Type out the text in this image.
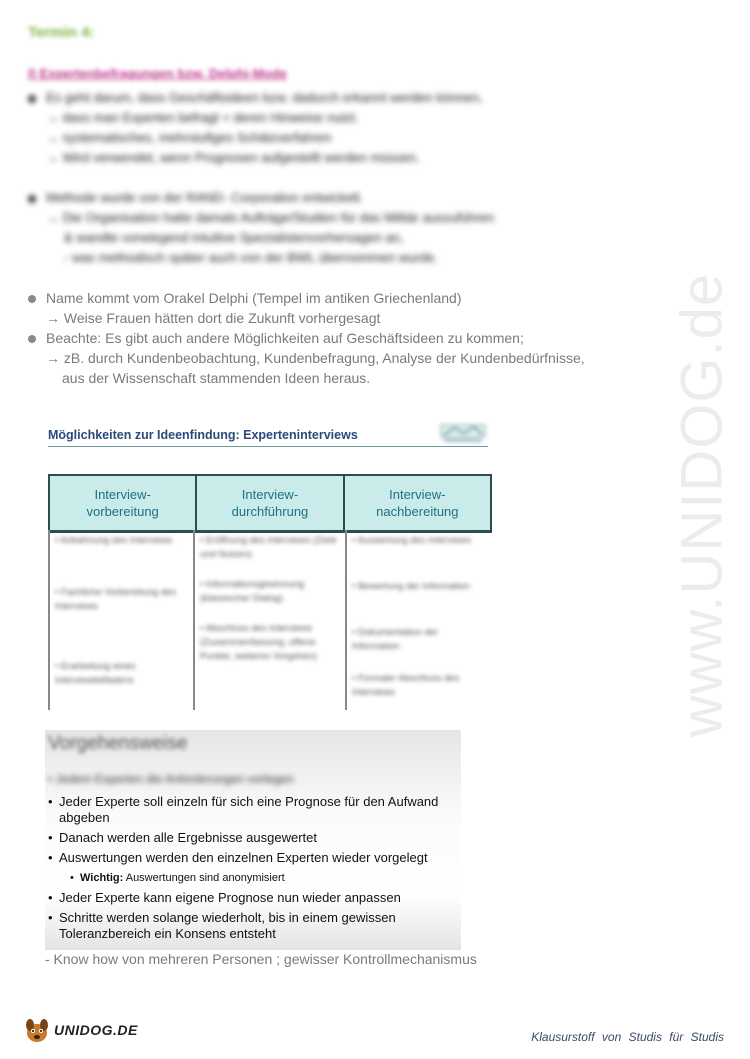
Termin 4:
I) Expertenbefragungen bzw. Delphi-Mode
Es geht darum, dass Geschäftsideen bzw. dadurch erkannt werden können,
→ dass man Experten befragt + deren Hinweise nutzt.
→ systematisches, mehrstufiges Schätzverfahren
→ Wird verwendet, wenn Prognosen aufgestellt werden müssen.
Methode wurde von der RAND- Corporation entwickelt.
→ Die Organisation hatte damals Aufträge/Studien für das Militär auszuführen
& wandte vorwiegend intuitive Spezialistenvorhersagen an,
- was methodisch später auch von der BWL übernommen wurde.
Name kommt vom Orakel Delphi (Tempel im antiken Griechenland)
→ Weise Frauen hätten dort die Zukunft vorhergesagt
Beachte: Es gibt auch andere Möglichkeiten auf Geschäftsideen zu kommen;
→ zB. durch Kundenbeobachtung, Kundenbefragung, Analyse der Kundenbedürfnisse,
aus der Wissenschaft stammenden Ideen heraus.	www.UNIDOG.de
Möglichkeiten zur Ideenfindung: Experteninterviews
Interview-
vorbereitung
Interview-
durchführung
Interview-
nachbereitung
• Anbahnung des Interviews
• Fachliche Vorbereitung des Interviews
• Erarbeitung eines Interviewleitfadens
• Eröffnung des Interviews (Ziele und Nutzen)
• Informationsgewinnung (klassischer Dialog)
• Abschluss des Interviews (Zusammenfassung, offene Punkte, weiteres Vorgehen)
• Auswertung des Interviews
• Bewertung der Information
• Dokumentation der Information
• Formaler Abschluss des Interviews
Vorgehensweise
• Jedem Experten die Anforderungen vorlegen
• Jeder Experte soll einzeln für sich eine Prognose für den Aufwand abgeben
• Danach werden alle Ergebnisse ausgewertet
• Auswertungen werden den einzelnen Experten wieder vorgelegt
• Wichtig: Auswertungen sind anonymisiert
• Jeder Experte kann eigene Prognose nun wieder anpassen
• Schritte werden solange wiederholt, bis in einem gewissen Toleranzbereich ein Konsens entsteht
- Know how von mehreren Personen ; gewisser Kontrollmechanismus
UNIDOG.DE	Klausurstoff von Studis für Studis
